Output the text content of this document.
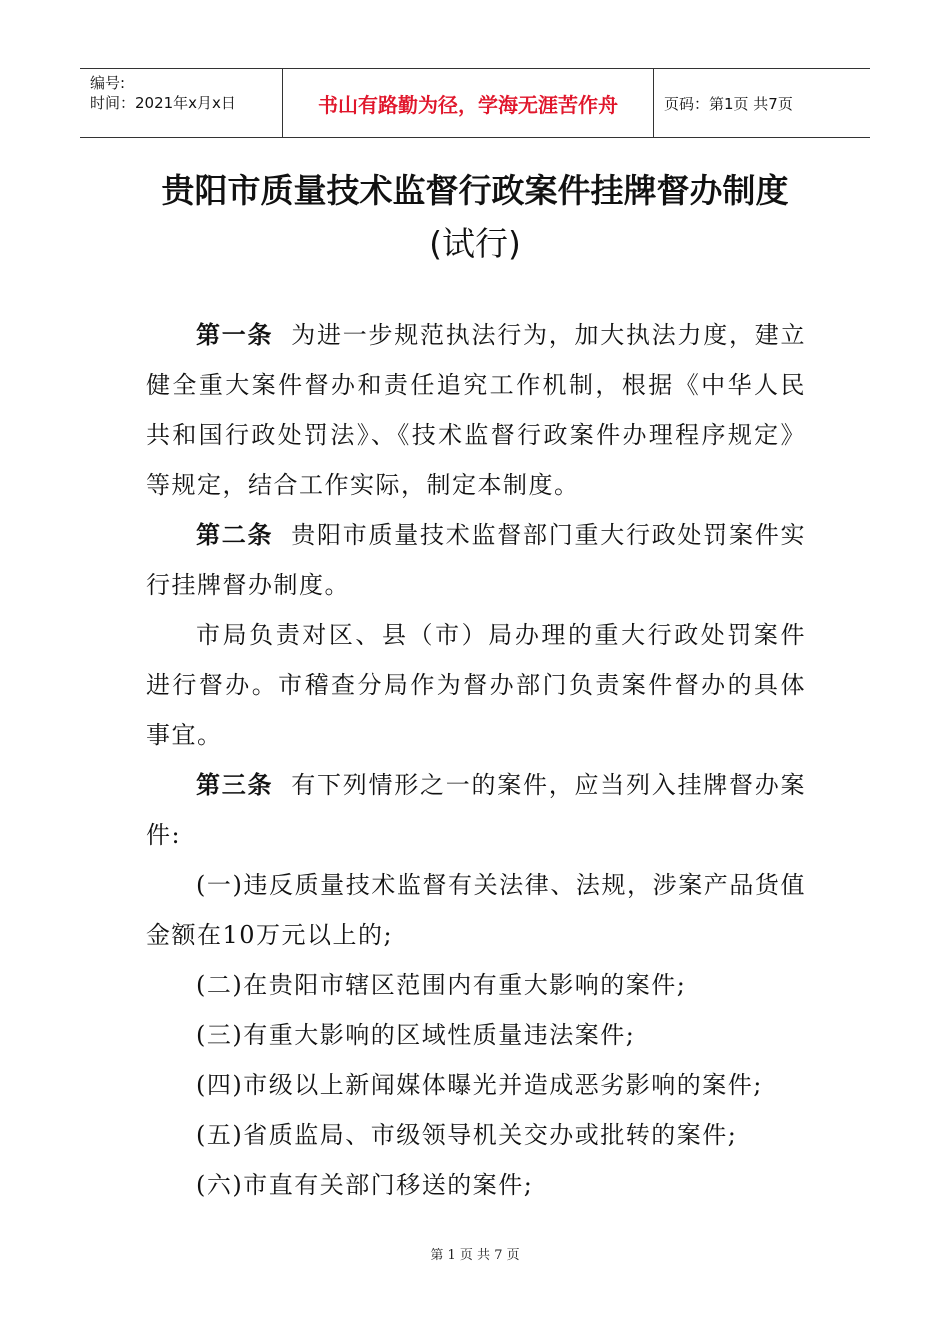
编号:
时间：2021年x月x日	书山有路勤为径，学海无涯苦作舟	页码：第1页 共7页
贵阳市质量技术监督行政案件挂牌督办制度
(试行)

第一条 为进一步规范执法行为，加大执法力度，建立健全重大案件督办和责任追究工作机制，根据《中华人民共和国行政处罚法》、《技术监督行政案件办理程序规定》等规定，结合工作实际，制定本制度。

第二条 贵阳市质量技术监督部门重大行政处罚案件实行挂牌督办制度。

市局负责对区、县（市）局办理的重大行政处罚案件进行督办。市稽查分局作为督办部门负责案件督办的具体事宜。

第三条 有下列情形之一的案件，应当列入挂牌督办案件:

(一)违反质量技术监督有关法律、法规，涉案产品货值金额在10万元以上的;

(二)在贵阳市辖区范围内有重大影响的案件;

(三)有重大影响的区域性质量违法案件;

(四)市级以上新闻媒体曝光并造成恶劣影响的案件;

(五)省质监局、市级领导机关交办或批转的案件;

(六)市直有关部门移送的案件;

第 1 页 共 7 页
